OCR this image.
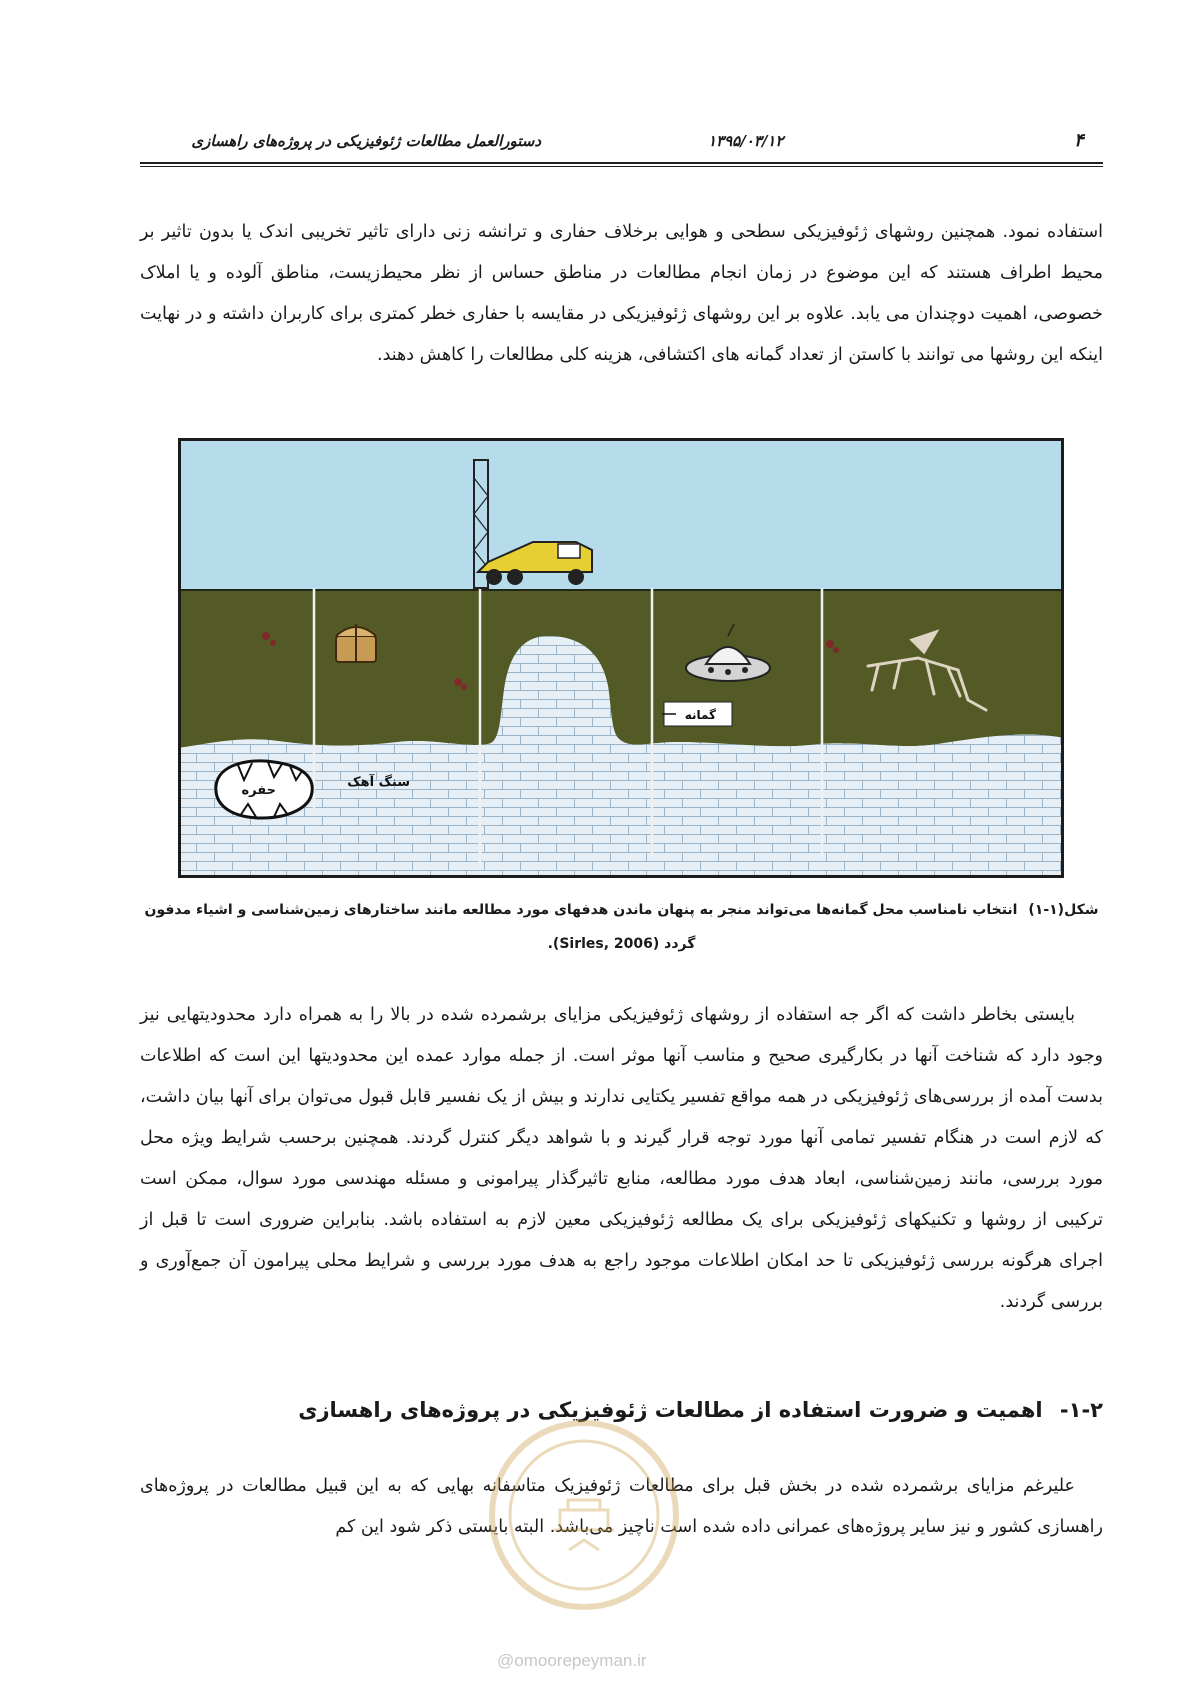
دستورالعمل مطالعات ژئوفیزیکی در پروژه‌های راهسازی	۱۳۹۵/۰۳/۱۲	۴

استفاده نمود. همچنین روشهای ژئوفیزیکی سطحی و هوایی برخلاف حفاری و ترانشه زنی دارای تاثیر تخریبی اندک یا بدون تاثیر بر محیط اطراف هستند که این موضوع در زمان انجام مطالعات در مناطق حساس از نظر محیط‌زیست، مناطق آلوده و یا املاک خصوصی، اهمیت دوچندان می یابد. علاوه بر این روشهای ژئوفیزیکی در مقایسه با حفاری خطر کمتری برای کاربران داشته و در نهایت اینکه این روشها می توانند با کاستن از تعداد گمانه های اکتشافی، هزینه کلی مطالعات را کاهش دهند.

گمانه
سنگ آهک
حفره

شکل(۱-۱) انتخاب نامناسب محل گمانه‌ها می‌تواند منجر به پنهان ماندن هدفهای مورد مطالعه مانند ساختارهای زمین‌شناسی و اشیاء مدفون گردد (Sirles, 2006).

بایستی بخاطر داشت که اگر جه استفاده از روشهای ژئوفیزیکی مزایای برشمرده شده در بالا را به همراه دارد محدودیتهایی نیز وجود دارد که شناخت آنها در بکارگیری صحیح و مناسب آنها موثر است. از جمله موارد عمده این محدودیتها این است که اطلاعات بدست آمده از بررسی‌های ژئوفیزیکی در همه مواقع تفسیر یکتایی ندارند و بیش از یک نفسیر قابل قبول می‌توان برای آنها بیان داشت، که لازم است در هنگام تفسیر تمامی آنها مورد توجه قرار گیرند و با شواهد دیگر کنترل گردند. همچنین برحسب شرایط ویژه محل مورد بررسی، مانند زمین‌شناسی، ابعاد هدف مورد مطالعه، منابع تاثیرگذار پیرامونی و مسئله مهندسی مورد سوال، ممکن است ترکیبی از روشها و تکنیکهای ژئوفیزیکی برای یک مطالعه ژئوفیزیکی معین لازم به استفاده باشد. بنابراین ضروری است تا قبل از اجرای هرگونه بررسی ژئوفیزیکی تا حد امکان اطلاعات موجود راجع به هدف مورد بررسی و شرایط محلی پیرامون آن جمع‌آوری و بررسی گردند.

۱-۲- اهمیت و ضرورت استفاده از مطالعات ژئوفیزیکی در پروژه‌های راهسازی

علیرغم مزایای برشمرده شده در بخش قبل برای مطالعات ژئوفیزیک متاسفانه بهایی که به این قبیل مطالعات در پروژه‌های راهسازی کشور و نیز سایر پروژه‌های عمرانی داده شده است ناچیز می‌باشد. البته بایستی ذکر شود این کم

@omoorepeyman.ir
